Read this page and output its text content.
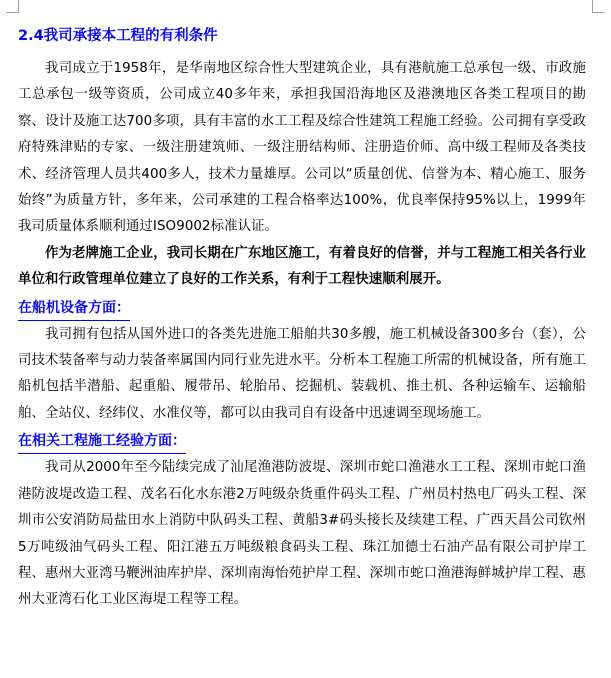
2.4我司承接本工程的有利条件

我司成立于1958年，是华南地区综合性大型建筑企业，具有港航施工总承包一级、市政施工总承包一级等资质，公司成立40多年来，承担我国沿海地区及港澳地区各类工程项目的勘察、设计及施工达700多项，具有丰富的水工工程及综合性建筑工程施工经验。公司拥有享受政府特殊津贴的专家、一级注册建筑师、一级注册结构师、注册造价师、高中级工程师及各类技术、经济管理人员共400多人，技术力量雄厚。公司以“质量创优、信誉为本、精心施工、服务始终”为质量方针，多年来，公司承建的工程合格率达100%，优良率保持95%以上，1999年我司质量体系顺利通过ISO9002标准认证。

作为老牌施工企业，我司长期在广东地区施工，有着良好的信誉，并与工程施工相关各行业单位和行政管理单位建立了良好的工作关系，有利于工程快速顺利展开。

在船机设备方面：

我司拥有包括从国外进口的各类先进施工船舶共30多艘，施工机械设备300多台（套），公司技术装备率与动力装备率属国内同行业先进水平。分析本工程施工所需的机械设备，所有施工船机包括半潜船、起重船、履带吊、轮胎吊、挖掘机、装载机、推土机、各种运输车、运输船舶、全站仪、经纬仪、水准仪等，都可以由我司自有设备中迅速调至现场施工。

在相关工程施工经验方面：

我司从2000年至今陆续完成了汕尾渔港防波堤、深圳市蛇口渔港水工工程、深圳市蛇口渔港防波堤改造工程、茂名石化水东港2万吨级杂货重件码头工程、广州员村热电厂码头工程、深圳市公安消防局盐田水上消防中队码头工程、黄船3#码头接长及续建工程、广西天昌公司钦州5万吨级油气码头工程、阳江港五万吨级粮食码头工程、珠江加德士石油产品有限公司护岸工程、惠州大亚湾马鞭洲油库护岸、深圳南海怡苑护岸工程、深圳市蛇口渔港海鲜城护岸工程、惠州大亚湾石化工业区海堤工程等工程。
